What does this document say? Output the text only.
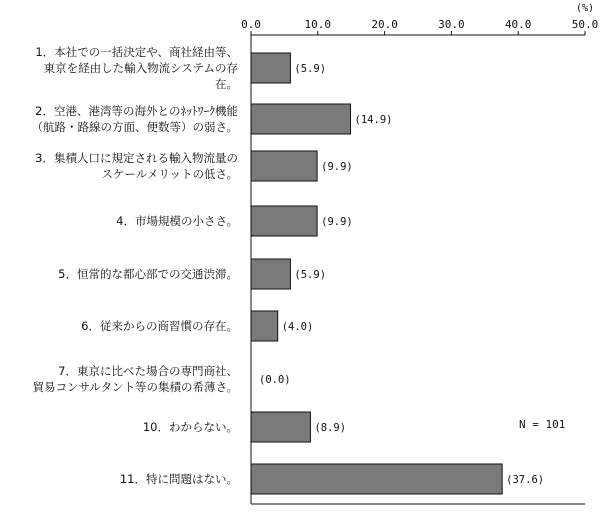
(%)
N = 101
0.0	10.0	20.0	30.0	40.0	50.0
1．本社での一括決定や、商社経由等、
東京を経由した輸入物流システムの存
在。
2．空港、港湾等の海外とのﾈｯﾄﾜｰｸ機能
（航路・路線の方面、便数等）の弱さ。
3．集積人口に規定される輸入物流量の
スケールメリットの低さ。
4．市場規模の小ささ。
5．恒常的な都心部での交通渋滞。
6．従来からの商習慣の存在。
7．東京に比べた場合の専門商社、
貿易コンサルタント等の集積の希薄さ。
10．わからない。
11．特に問題はない。
(5.9)
(14.9)
(9.9)
(9.9)
(5.9)
(4.0)
(0.0)
(8.9)
(37.6)
